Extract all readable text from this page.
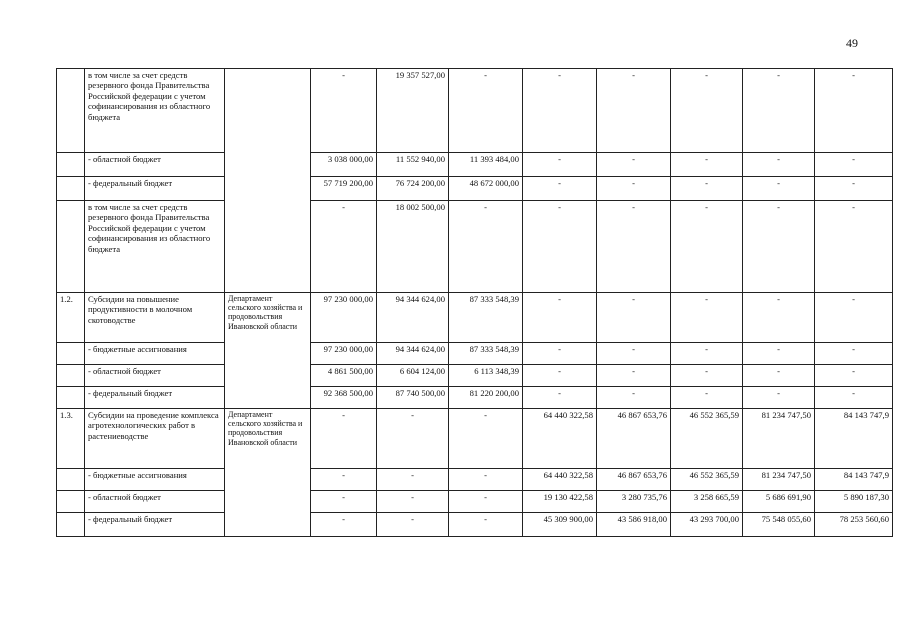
49
	в том числе за счет средств резервного фонда Правительства Российской федерации с учетом софинансирования из областного бюджета		-	19 357 527,00	-	-	-	-	-	-
	- областной бюджет		3 038 000,00	11 552 940,00	11 393 484,00	-	-	-	-	-
	- федеральный бюджет		57 719 200,00	76 724 200,00	48 672 000,00	-	-	-	-	-
	в том числе за счет средств резервного фонда Правительства Российской федерации с учетом софинансирования из областного бюджета		-	18 002 500,00	-	-	-	-	-	-
1.2.	Субсидии на повышение продуктивности в молочном скотоводстве	Департамент сельского хозяйства и продовольствия Ивановской области	97 230 000,00	94 344 624,00	87 333 548,39	-	-	-	-	-
	- бюджетные ассигнования		97 230 000,00	94 344 624,00	87 333 548,39	-	-	-	-	-
	- областной бюджет		4 861 500,00	6 604 124,00	6 113 348,39	-	-	-	-	-
	- федеральный бюджет		92 368 500,00	87 740 500,00	81 220 200,00	-	-	-	-	-
1.3.	Субсидии на проведение комплекса агротехнологических работ в растениеводстве	Департамент сельского хозяйства и продовольствия Ивановской области	-	-	-	64 440 322,58	46 867 653,76	46 552 365,59	81 234 747,50	84 143 747,9
	- бюджетные ассигнования		-	-	-	64 440 322,58	46 867 653,76	46 552 365,59	81 234 747,50	84 143 747,9
	- областной бюджет		-	-	-	19 130 422,58	3 280 735,76	3 258 665,59	5 686 691,90	5 890 187,30
	- федеральный бюджет		-	-	-	45 309 900,00	43 586 918,00	43 293 700,00	75 548 055,60	78 253 560,60
